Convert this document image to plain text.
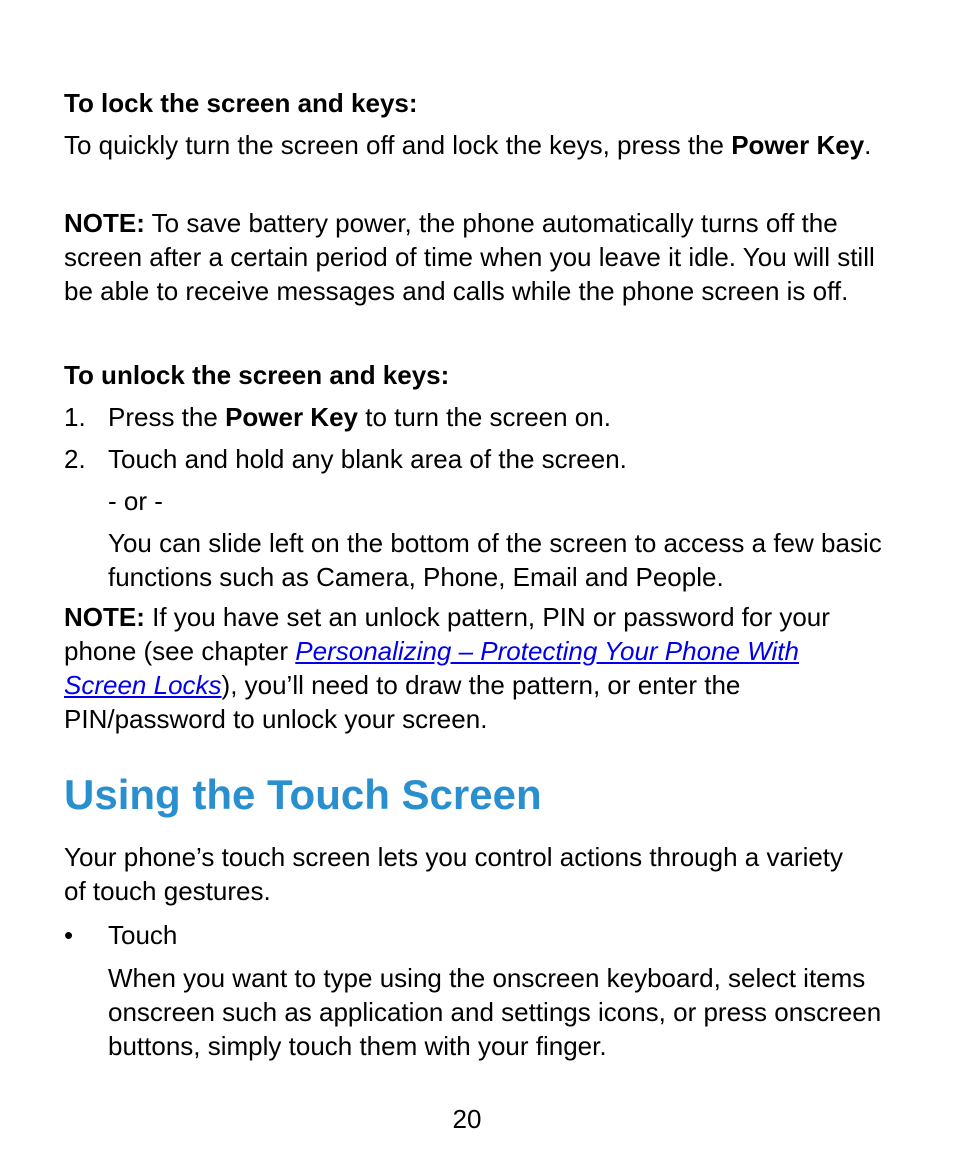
To lock the screen and keys:

To quickly turn the screen off and lock the keys, press the Power Key.

NOTE: To save battery power, the phone automatically turns off the screen after a certain period of time when you leave it idle. You will still be able to receive messages and calls while the phone screen is off.

To unlock the screen and keys:
1. Press the Power Key to turn the screen on.
2. Touch and hold any blank area of the screen.
- or -
You can slide left on the bottom of the screen to access a few basic functions such as Camera, Phone, Email and People.

NOTE: If you have set an unlock pattern, PIN or password for your phone (see chapter Personalizing – Protecting Your Phone With Screen Locks), you’ll need to draw the pattern, or enter the PIN/password to unlock your screen.

Using the Touch Screen

Your phone’s touch screen lets you control actions through a variety of touch gestures.

• Touch
When you want to type using the onscreen keyboard, select items onscreen such as application and settings icons, or press onscreen buttons, simply touch them with your finger.
20
